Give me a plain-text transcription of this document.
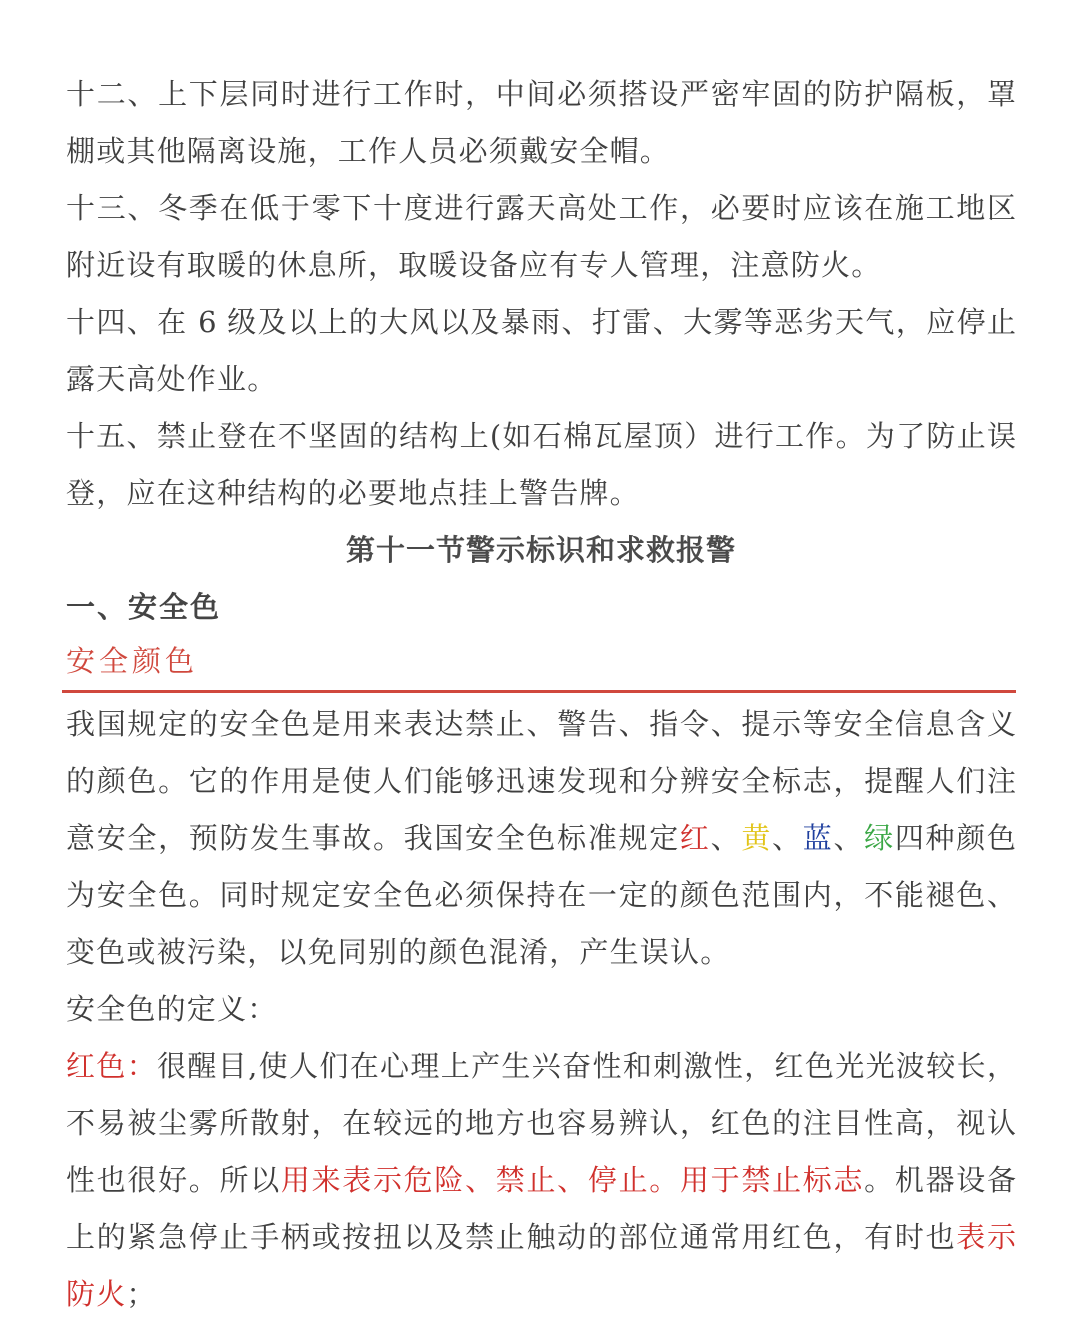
十二、上下层同时进行工作时，中间必须搭设严密牢固的防护隔板，罩
棚或其他隔离设施，工作人员必须戴安全帽。
十三、冬季在低于零下十度进行露天高处工作，必要时应该在施工地区
附近设有取暖的休息所，取暖设备应有专人管理，注意防火。
十四、在 6 级及以上的大风以及暴雨、打雷、大雾等恶劣天气，应停止
露天高处作业。
十五、禁止登在不坚固的结构上(如石棉瓦屋顶）进行工作。为了防止误
登，应在这种结构的必要地点挂上警告牌。
第十一节警示标识和求救报警
一、安全色
安全颜色
我国规定的安全色是用来表达禁止、警告、指令、提示等安全信息含义
的颜色。它的作用是使人们能够迅速发现和分辨安全标志，提醒人们注
意安全，预防发生事故。我国安全色标准规定红、黄、蓝、绿四种颜色
为安全色。同时规定安全色必须保持在一定的颜色范围内，不能褪色、
变色或被污染，以免同别的颜色混淆，产生误认。
安全色的定义：
红色：很醒目,使人们在心理上产生兴奋性和刺激性，红色光光波较长，
不易被尘雾所散射，在较远的地方也容易辨认，红色的注目性高，视认
性也很好。所以用来表示危险、禁止、停止。用于禁止标志。机器设备
上的紧急停止手柄或按扭以及禁止触动的部位通常用红色，有时也表示
防火；
